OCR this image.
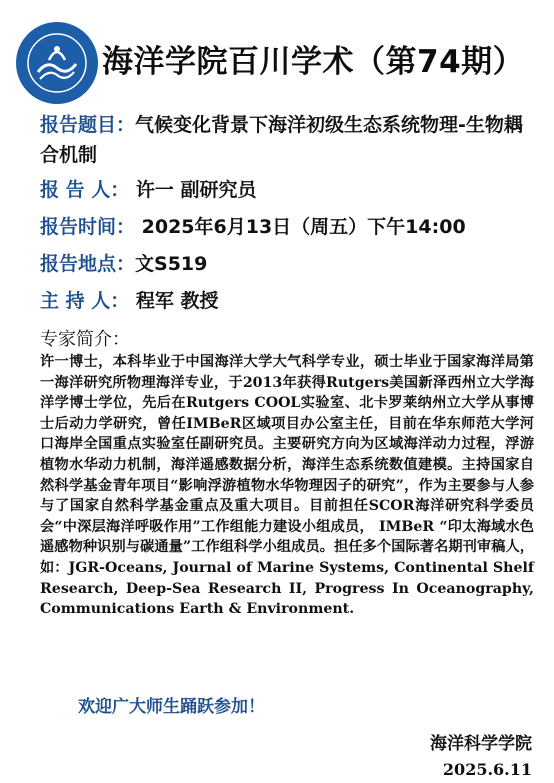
海洋学院百川学术（第74期）
报告题目：气候变化背景下海洋初级生态系统物理-生物耦合机制
报 告 人： 许一 副研究员
报告时间： 2025年6月13日（周五）下午14:00
报告地点：文S519
主 持 人： 程军 教授
专家简介：
许一博士，本科毕业于中国海洋大学大气科学专业，硕士毕业于国家海洋局第一海洋研究所物理海洋专业，于2013年获得Rutgers美国新泽西州立大学海洋学博士学位，先后在Rutgers COOL实验室、北卡罗莱纳州立大学从事博士后动力学研究，曾任IMBeR区域项目办公室主任，目前在华东师范大学河口海岸全国重点实验室任副研究员。主要研究方向为区域海洋动力过程，浮游植物水华动力机制，海洋遥感数据分析，海洋生态系统数值建模。主持国家自然科学基金青年项目“影响浮游植物水华物理因子的研究”，作为主要参与人参与了国家自然科学基金重点及重大项目。目前担任SCOR海洋研究科学委员会“中深层海洋呼吸作用”工作组能力建设小组成员， IMBeR “印太海域水色遥感物种识别与碳通量”工作组科学小组成员。担任多个国际著名期刊审稿人，如：JGR-Oceans, Journal of Marine Systems, Continental Shelf Research, Deep-Sea Research II, Progress In Oceanography, Communications Earth & Environment.
欢迎广大师生踊跃参加！
海洋科学学院
2025.6.11
